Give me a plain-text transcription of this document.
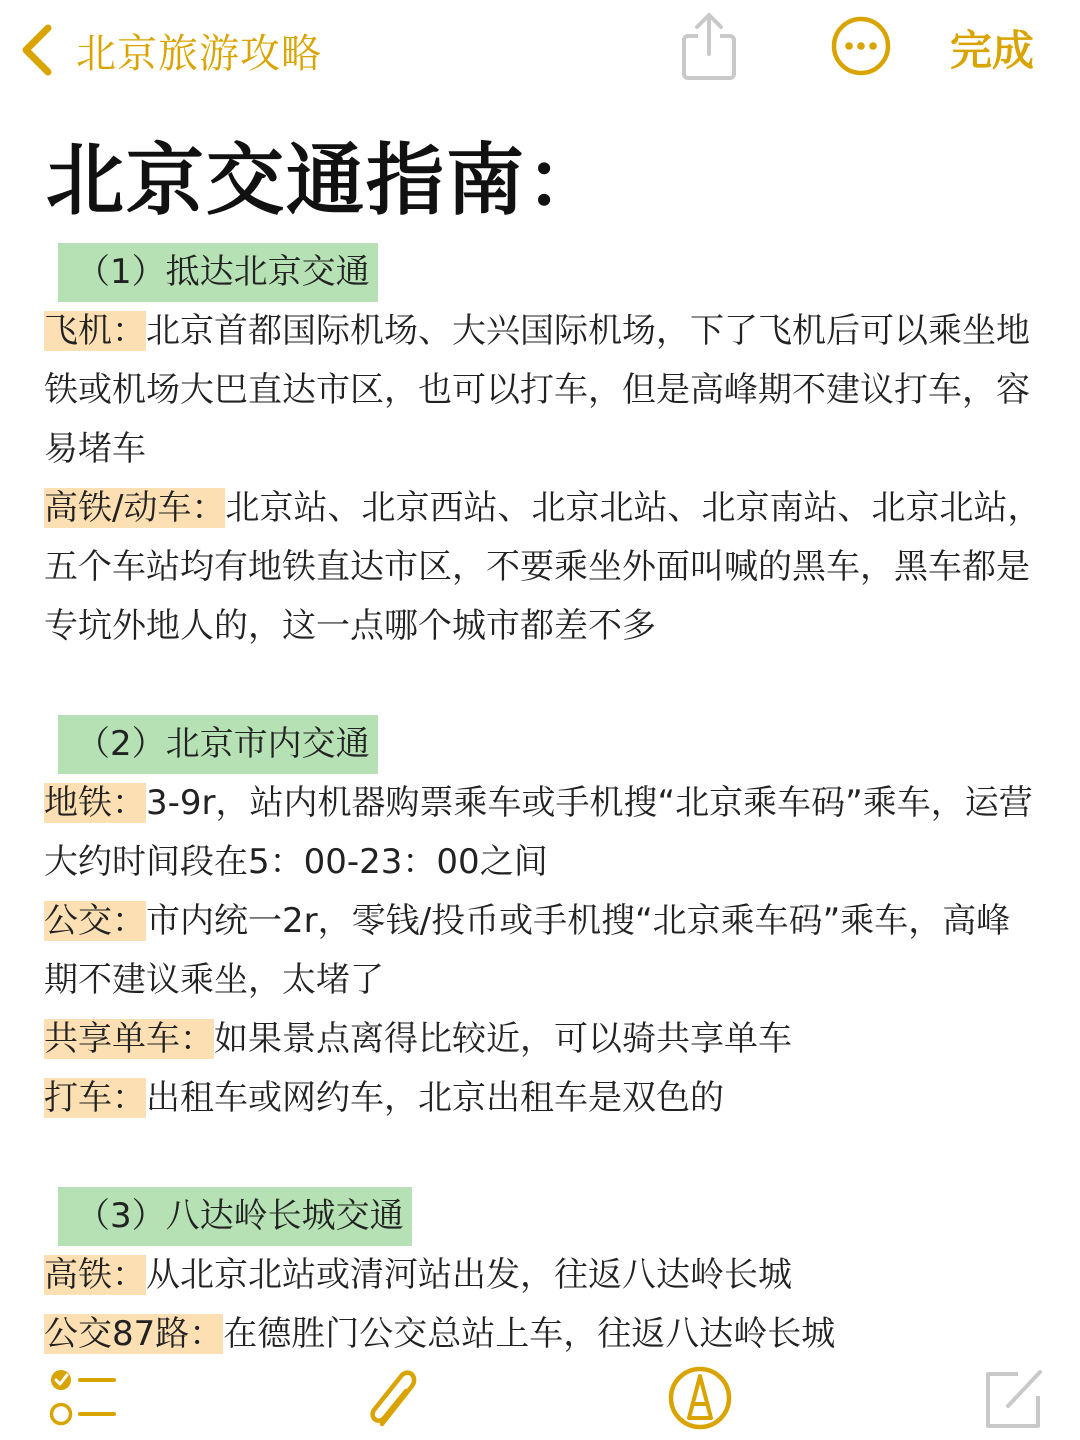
北京旅游攻略	完成
北京交通指南：
（1）抵达北京交通
飞机：北京首都国际机场、大兴国际机场，下了飞机后可以乘坐地铁或机场大巴直达市区，也可以打车，但是高峰期不建议打车，容易堵车
高铁/动车：北京站、北京西站、北京北站、北京南站、北京北站，五个车站均有地铁直达市区，不要乘坐外面叫喊的黑车，黑车都是专坑外地人的，这一点哪个城市都差不多
（2）北京市内交通
地铁：3-9r，站内机器购票乘车或手机搜“北京乘车码”乘车，运营大约时间段在5：00-23：00之间
公交：市内统一2r，零钱/投币或手机搜“北京乘车码”乘车，高峰期不建议乘坐，太堵了
共享单车：如果景点离得比较近，可以骑共享单车
打车：出租车或网约车，北京出租车是双色的
（3）八达岭长城交通
高铁：从北京北站或清河站出发，往返八达岭长城
公交87路：在德胜门公交总站上车，往返八达岭长城
